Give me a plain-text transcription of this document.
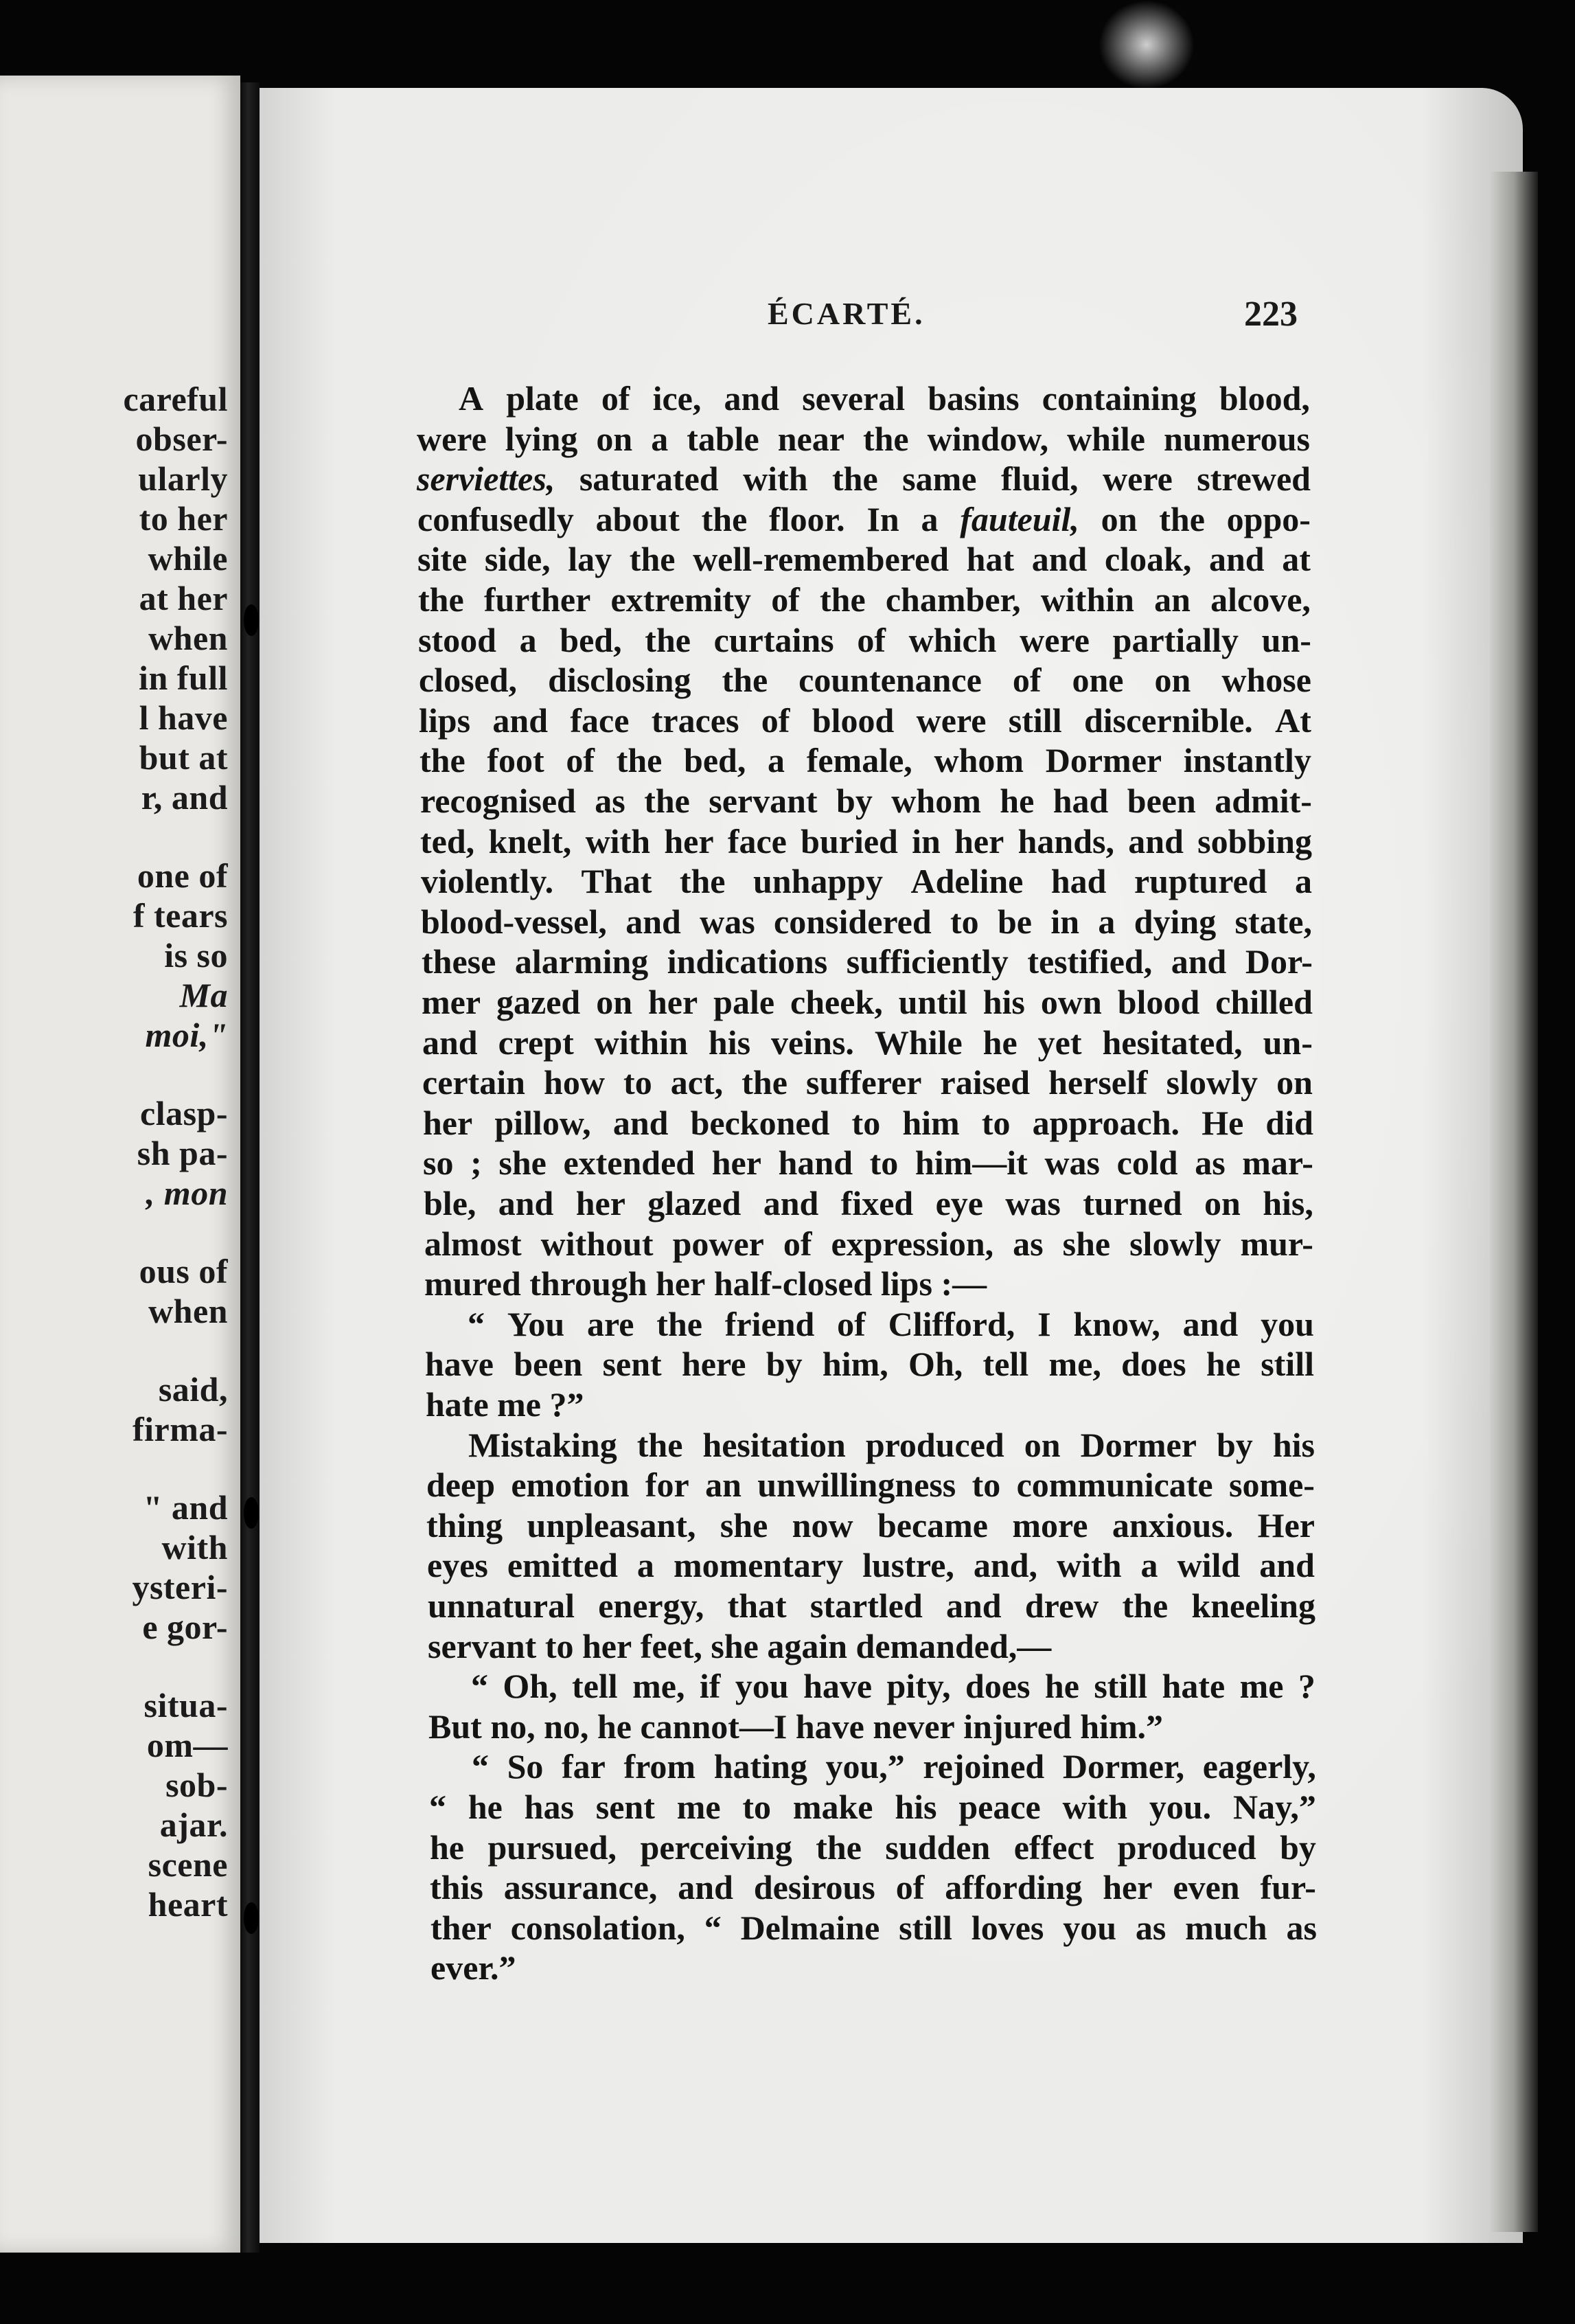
careful
obser-
ularly
to her
while
at her
when
in full
l have
but at
r, and
one of
f tears
is so
Ma
moi,"
clasp-
sh pa-
, mon
ous of
when
said,
firma-
" and
with
ysteri-
e gor-
situa-
om—
sob-
ajar.
scene
heart
ÉCARTÉ.	223
A plate of ice, and several basins containing blood,
were lying on a table near the window, while numerous
serviettes, saturated with the same fluid, were strewed
confusedly about the floor. In a fauteuil, on the oppo-
site side, lay the well-remembered hat and cloak, and at
the further extremity of the chamber, within an alcove,
stood a bed, the curtains of which were partially un-
closed, disclosing the countenance of one on whose
lips and face traces of blood were still discernible. At
the foot of the bed, a female, whom Dormer instantly
recognised as the servant by whom he had been admit-
ted, knelt, with her face buried in her hands, and sobbing
violently. That the unhappy Adeline had ruptured a
blood-vessel, and was considered to be in a dying state,
these alarming indications sufficiently testified, and Dor-
mer gazed on her pale cheek, until his own blood chilled
and crept within his veins. While he yet hesitated, un-
certain how to act, the sufferer raised herself slowly on
her pillow, and beckoned to him to approach. He did
so ; she extended her hand to him—it was cold as mar-
ble, and her glazed and fixed eye was turned on his,
almost without power of expression, as she slowly mur-
mured
through
her
half-closed
lips
:—
“ You are the friend of Clifford, I know, and you
have been sent here by him, Oh, tell me, does he still
hate
me
?”
Mistaking the hesitation produced on Dormer by his
deep emotion for an unwillingness to communicate some-
thing unpleasant, she now became more anxious. Her
eyes emitted a momentary lustre, and, with a wild and
unnatural energy, that startled and drew the kneeling
servant
to
her
feet,
she
again
demanded,—
“ Oh, tell me, if you have pity, does he still hate me ?
But
no,
no,
he
cannot—I
have
never
injured
him.”
“ So far from hating you,” rejoined Dormer, eagerly,
“ he has sent me to make his peace with you. Nay,”
he pursued, perceiving the sudden effect produced by
this assurance, and desirous of affording her even fur-
ther consolation, “ Delmaine still loves you as much as
ever.”
